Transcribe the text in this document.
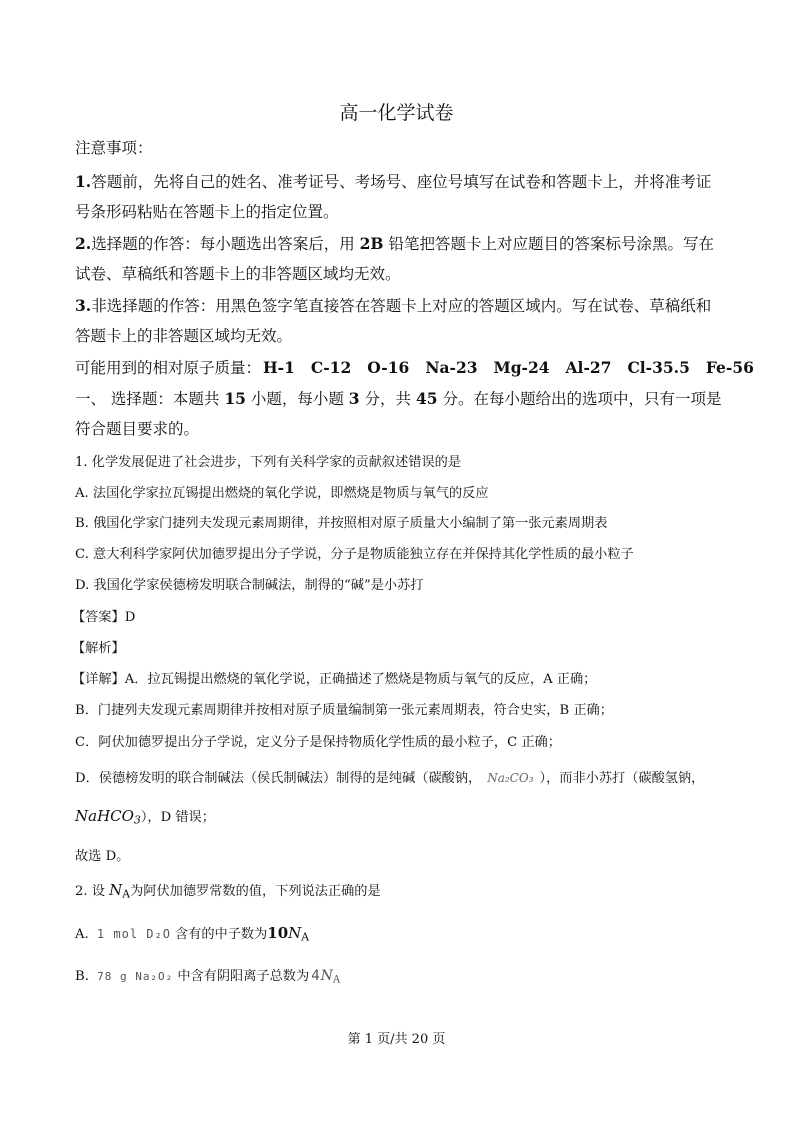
高一化学试卷
注意事项：
1.答题前，先将自己的姓名、准考证号、考场号、座位号填写在试卷和答题卡上，并将准考证
号条形码粘贴在答题卡上的指定位置。
2.选择题的作答：每小题选出答案后，用 2B 铅笔把答题卡上对应题目的答案标号涂黑。写在
试卷、草稿纸和答题卡上的非答题区域均无效。
3.非选择题的作答：用黑色签字笔直接答在答题卡上对应的答题区域内。写在试卷、草稿纸和
答题卡上的非答题区域均无效。
可能用到的相对原子质量： H-1 C-12 O-16 Na-23 Mg-24 Al-27 Cl-35.5 Fe-56
一、 选择题：本题共 15 小题，每小题 3 分，共 45 分。在每小题给出的选项中，只有一项是
符合题目要求的。
1. 化学发展促进了社会进步，下列有关科学家的贡献叙述错误的是
A. 法国化学家拉瓦锡提出燃烧的氧化学说，即燃烧是物质与氧气的反应
B. 俄国化学家门捷列夫发现元素周期律，并按照相对原子质量大小编制了第一张元素周期表
C. 意大利科学家阿伏加德罗提出分子学说，分子是物质能独立存在并保持其化学性质的最小粒子
D. 我国化学家侯德榜发明联合制碱法，制得的“碱”是小苏打
【答案】D
【解析】
【详解】A．拉瓦锡提出燃烧的氧化学说，正确描述了燃烧是物质与氧气的反应，A 正确；
B．门捷列夫发现元素周期律并按相对原子质量编制第一张元素周期表，符合史实，B 正确；
C．阿伏加德罗提出分子学说，定义分子是保持物质化学性质的最小粒子，C 正确；
D．侯德榜发明的联合制碱法（侯氏制碱法）制得的是纯碱（碳酸钠， Na₂CO₃ ），而非小苏打（碳酸氢钠，
NaHCO$_3$），D 错误；
故选 D。
2. 设 $N_A$为阿伏加德罗常数的值，下列说法正确的是
A. 1 mol D₂O 含有的中子数为$10N_A$
B. 78 g Na₂O₂ 中含有阴阳离子总数为 $4N_A$
第 1 页/共 20 页
